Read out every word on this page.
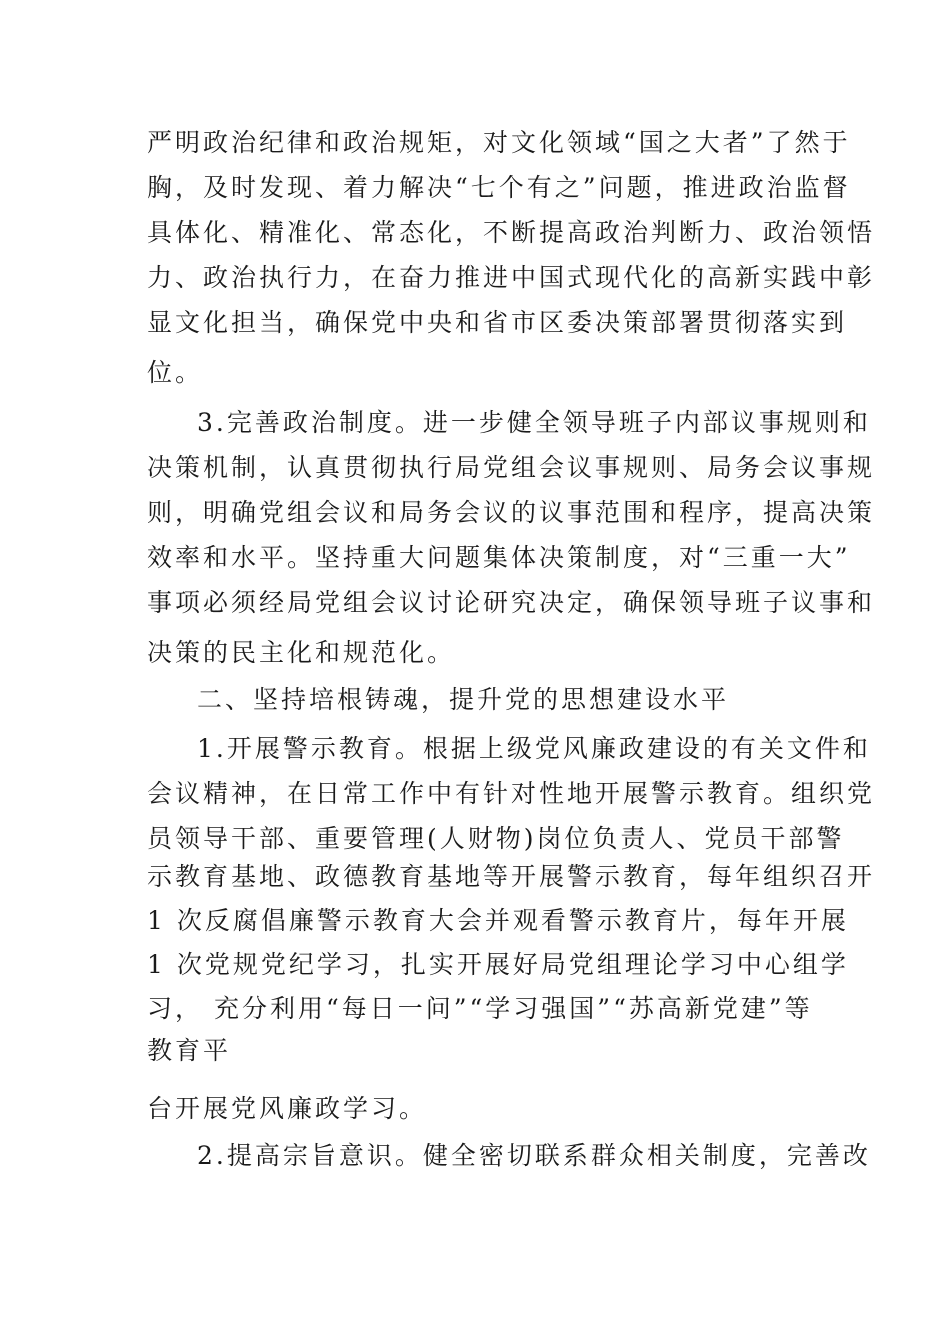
严明政治纪律和政治规矩，对文化领域“国之大者”了然于
胸，及时发现、着力解决“七个有之”问题，推进政治监督
具体化、精准化、常态化，不断提高政治判断力、政治领悟
力、政治执行力，在奋力推进中国式现代化的高新实践中彰
显文化担当，确保党中央和省市区委决策部署贯彻落实到
位。
3.完善政治制度。进一步健全领导班子内部议事规则和
决策机制，认真贯彻执行局党组会议事规则、局务会议事规
则，明确党组会议和局务会议的议事范围和程序，提高决策
效率和水平。坚持重大问题集体决策制度，对“三重一大”
事项必须经局党组会议讨论研究决定，确保领导班子议事和
决策的民主化和规范化。
二、坚持培根铸魂，提升党的思想建设水平
1.开展警示教育。根据上级党风廉政建设的有关文件和
会议精神，在日常工作中有针对性地开展警示教育。组织党
员领导干部、重要管理(人财物)岗位负责人、党员干部警
示教育基地、政德教育基地等开展警示教育，每年组织召开
1 次反腐倡廉警示教育大会并观看警示教育片，每年开展
1 次党规党纪学习，扎实开展好局党组理论学习中心组学
习， 充分利用“每日一问”“学习强国”“苏高新党建”等
教育平
台开展党风廉政学习。
2.提高宗旨意识。健全密切联系群众相关制度，完善改
